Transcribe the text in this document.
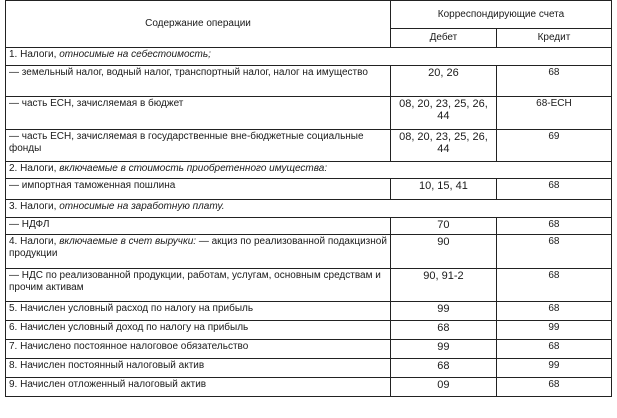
Содержание операции	Корреспондирующие счета	
	Дебет	Кредит
1. Налоги, относимые на себестоимость;		
— земельный налог, водный налог, транспортный налог, налог на имущество	20, 26	68
— часть ЕСН, зачисляемая в бюджет	08, 20, 23, 25, 26, 44	68-ЕСН
— часть ЕСН, зачисляемая в государственные вне-бюджетные социальные фонды	08, 20, 23, 25, 26, 44	69
2. Налоги, включаемые в стоимость приобретенного имущества:		
— импортная таможенная пошлина	10, 15, 41	68
3. Налоги, относимые на заработную плату.		
— НДФЛ	70	68
4. Налоги, включаемые в счет выручки: — акциз по реализованной подакцизной продукции	90	68
— НДС по реализованной продукции, работам, услугам, основным средствам и прочим активам	90, 91-2	68
5. Начислен условный расход по налогу на прибыль	99	68
6. Начислен условный доход по налогу на прибыль	68	99
7. Начислено постоянное налоговое обязательство	99	68
8. Начислен постоянный налоговый актив	68	99
9. Начислен отложенный налоговый актив	09	68
